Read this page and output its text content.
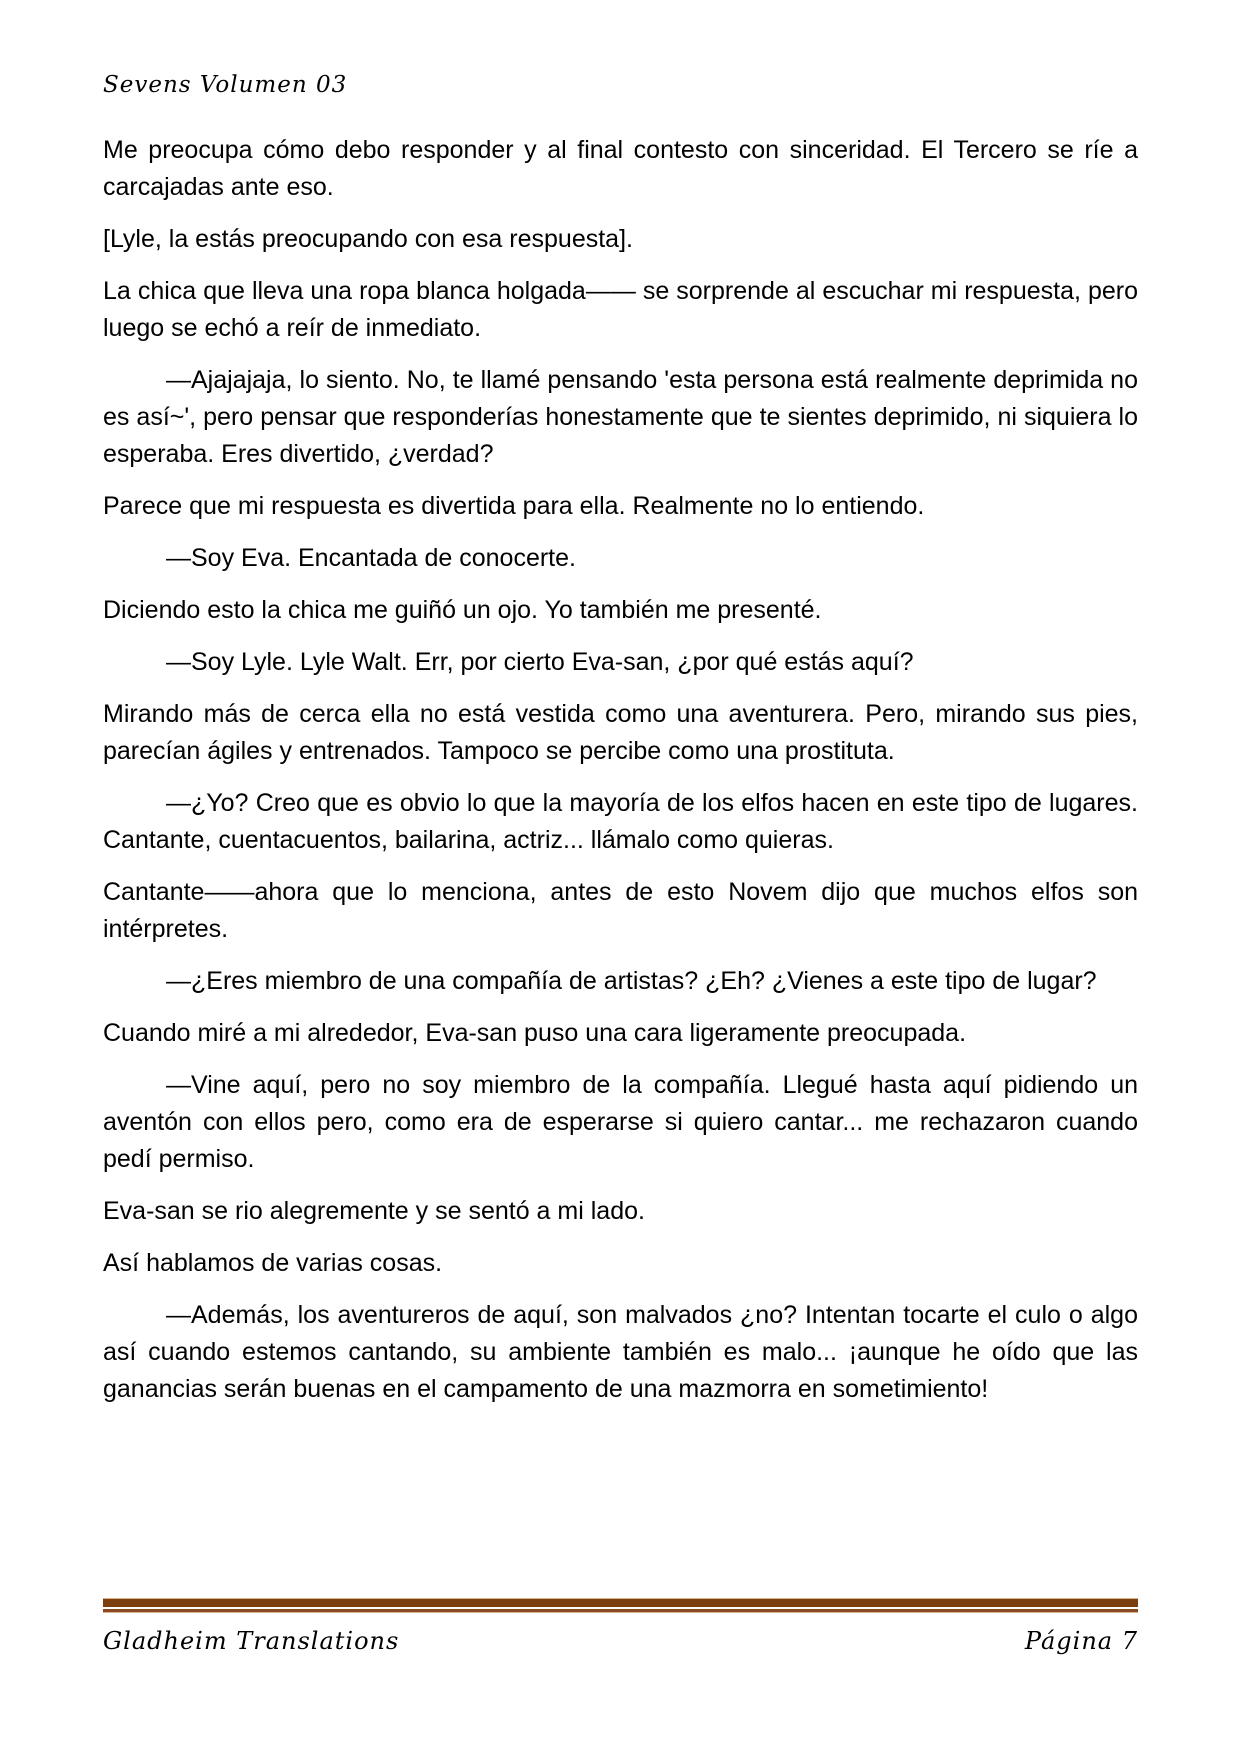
Sevens Volumen 03

Me preocupa cómo debo responder y al final contesto con sinceridad. El Tercero se ríe a carcajadas ante eso.

[Lyle, la estás preocupando con esa respuesta].

La chica que lleva una ropa blanca holgada—— se sorprende al escuchar mi respuesta, pero luego se echó a reír de inmediato.

—Ajajajaja, lo siento. No, te llamé pensando 'esta persona está realmente deprimida no es así~', pero pensar que responderías honestamente que te sientes deprimido, ni siquiera lo esperaba. Eres divertido, ¿verdad?

Parece que mi respuesta es divertida para ella. Realmente no lo entiendo.

—Soy Eva. Encantada de conocerte.

Diciendo esto la chica me guiñó un ojo. Yo también me presenté.

—Soy Lyle. Lyle Walt. Err, por cierto Eva-san, ¿por qué estás aquí?

Mirando más de cerca ella no está vestida como una aventurera. Pero, mirando sus pies, parecían ágiles y entrenados. Tampoco se percibe como una prostituta.

—¿Yo? Creo que es obvio lo que la mayoría de los elfos hacen en este tipo de lugares. Cantante, cuentacuentos, bailarina, actriz... llámalo como quieras.

Cantante——ahora que lo menciona, antes de esto Novem dijo que muchos elfos son intérpretes.

—¿Eres miembro de una compañía de artistas? ¿Eh? ¿Vienes a este tipo de lugar?

Cuando miré a mi alrededor, Eva-san puso una cara ligeramente preocupada.

—Vine aquí, pero no soy miembro de la compañía. Llegué hasta aquí pidiendo un aventón con ellos pero, como era de esperarse si quiero cantar... me rechazaron cuando pedí permiso.

Eva-san se rio alegremente y se sentó a mi lado.

Así hablamos de varias cosas.

—Además, los aventureros de aquí, son malvados ¿no? Intentan tocarte el culo o algo así cuando estemos cantando, su ambiente también es malo... ¡aunque he oído que las ganancias serán buenas en el campamento de una mazmorra en sometimiento!

Gladheim Translations	Página 7
